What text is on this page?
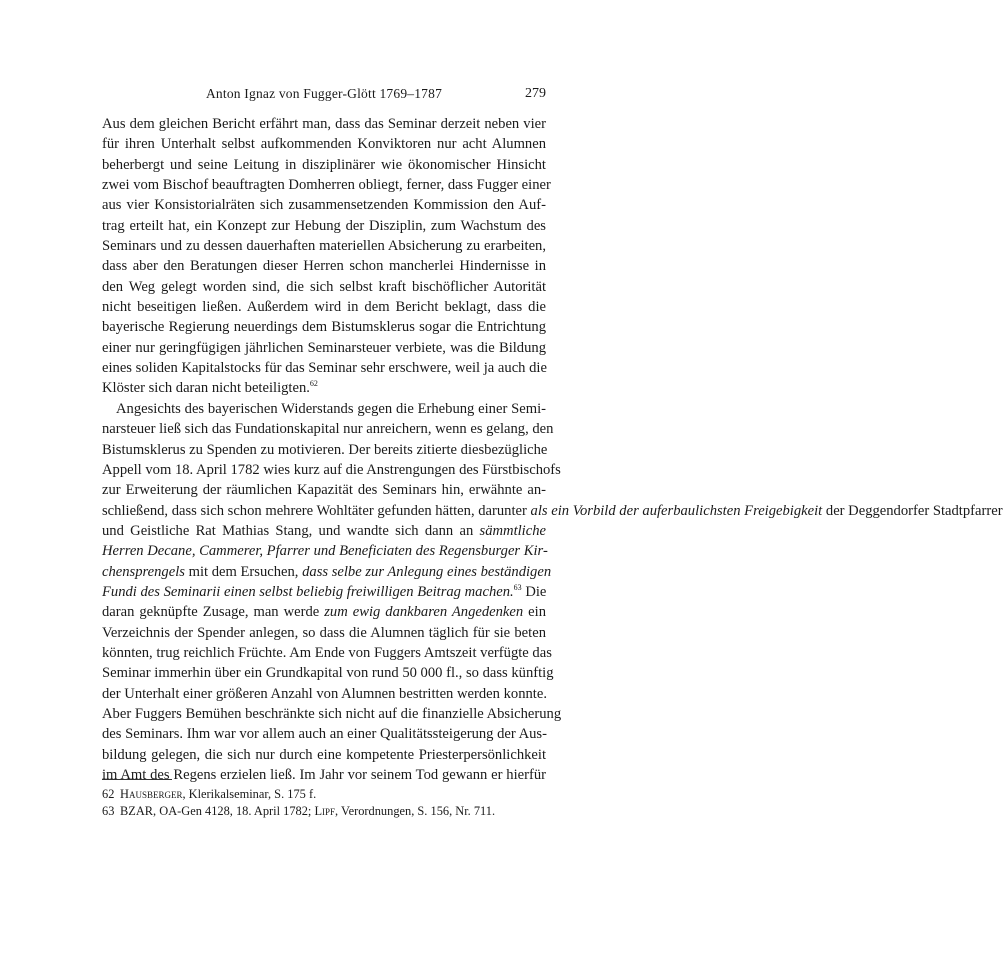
Anton Ignaz von Fugger-Glött 1769–1787	279
Aus dem gleichen Bericht erfährt man, dass das Seminar derzeit neben vier
für ihren Unterhalt selbst aufkommenden Konviktoren nur acht Alumnen
beherbergt und seine Leitung in disziplinärer wie ökonomischer Hinsicht
zwei vom Bischof beauftragten Domherren obliegt, ferner, dass Fugger einer
aus vier Konsistorialräten sich zusammensetzenden Kommission den Auf-
trag erteilt hat, ein Konzept zur Hebung der Disziplin, zum Wachstum des
Seminars und zu dessen dauerhaften materiellen Absicherung zu erarbeiten,
dass aber den Beratungen dieser Herren schon mancherlei Hindernisse in
den Weg gelegt worden sind, die sich selbst kraft bischöflicher Autorität
nicht beseitigen ließen. Außerdem wird in dem Bericht beklagt, dass die
bayerische Regierung neuerdings dem Bistumsklerus sogar die Entrichtung
einer nur geringfügigen jährlichen Seminarsteuer verbiete, was die Bildung
eines soliden Kapitalstocks für das Seminar sehr erschwere, weil ja auch die
Klöster sich daran nicht beteiligten.$^{62}$
Angesichts des bayerischen Widerstands gegen die Erhebung einer Semi-
narsteuer ließ sich das Fundationskapital nur anreichern, wenn es gelang, den
Bistumsklerus zu Spenden zu motivieren. Der bereits zitierte diesbezügliche
Appell vom 18. April 1782 wies kurz auf die Anstrengungen des Fürstbischofs
zur Erweiterung der räumlichen Kapazität des Seminars hin, erwähnte an-
schließend, dass sich schon mehrere Wohltäter gefunden hätten, darunter als ein Vorbild der auferbaulichsten Freigebigkeit der Deggendorfer Stadtpfarrer
und Geistliche Rat Mathias Stang, und wandte sich dann an sämmtliche
Herren Decane, Cammerer, Pfarrer und Beneficiaten des Regensburger Kir-
chensprengels mit dem Ersuchen, dass selbe zur Anlegung eines beständigen
Fundi des Seminarii einen selbst beliebig freiwilligen Beitrag machen.$^{63}$ Die
daran geknüpfte Zusage, man werde zum ewig dankbaren Angedenken ein
Verzeichnis der Spender anlegen, so dass die Alumnen täglich für sie beten
könnten, trug reichlich Früchte. Am Ende von Fuggers Amtszeit verfügte das
Seminar immerhin über ein Grundkapital von rund 50 000 fl., so dass künftig
der Unterhalt einer größeren Anzahl von Alumnen bestritten werden konnte.
Aber Fuggers Bemühen beschränkte sich nicht auf die finanzielle Absicherung
des Seminars. Ihm war vor allem auch an einer Qualitätssteigerung der Aus-
bildung gelegen, die sich nur durch eine kompetente Priesterpersönlichkeit
im Amt des Regens erzielen ließ. Im Jahr vor seinem Tod gewann er hierfür
62 Hausberger, Klerikalseminar, S. 175 f.
63 BZAR, OA-Gen 4128, 18. April 1782; Lipf, Verordnungen, S. 156, Nr. 711.
